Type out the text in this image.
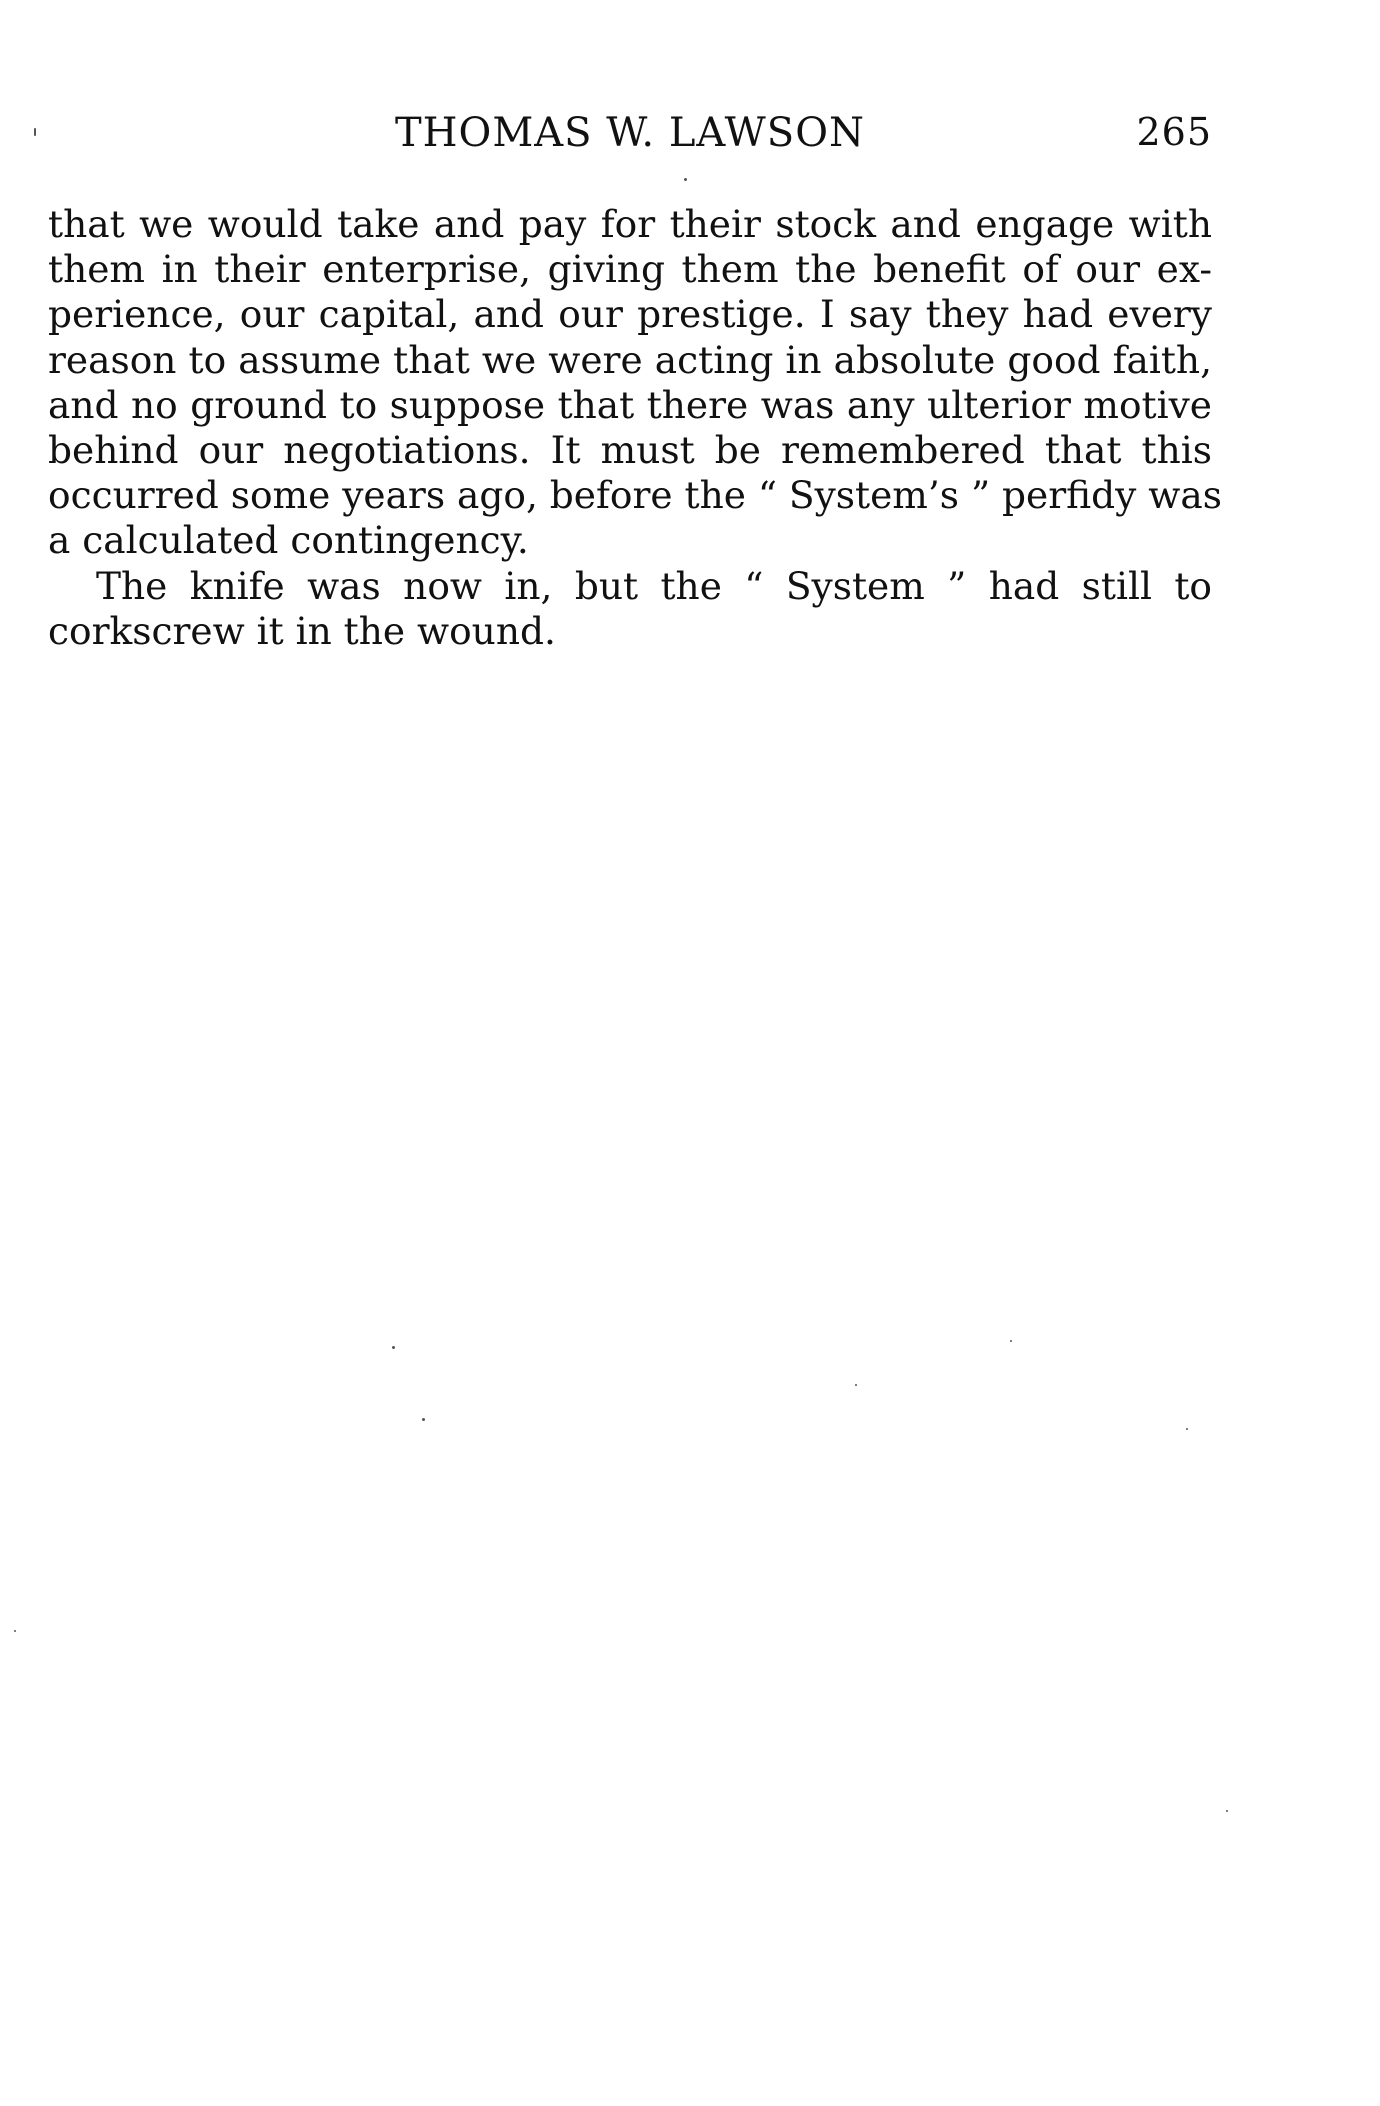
THOMAS W. LAWSON	265
that we would take and pay for their stock and engage with
them in their enterprise, giving them the benefit of our ex-
perience, our capital, and our prestige. I say they had every
reason to assume that we were acting in absolute good faith,
and no ground to suppose that there was any ulterior motive
behind our negotiations. It must be remembered that this
occurred some years ago, before the “ System’s ” perfidy was
a calculated contingency.
The knife was now in, but the “ System ” had still to
corkscrew it in the wound.
